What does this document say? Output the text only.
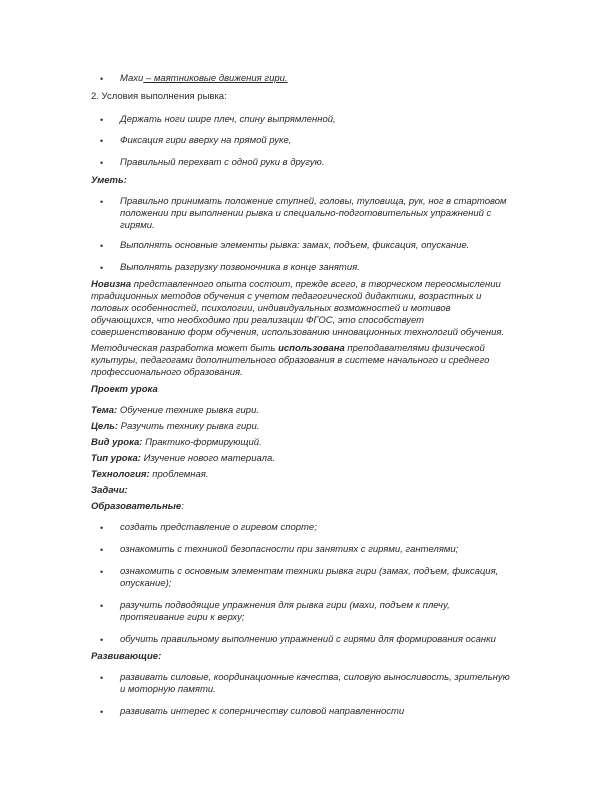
• Махи – маятниковые движения гири.
2. Условия выполнения рывка:
• Держать ноги шире плеч, спину выпрямленной,
• Фиксация гири вверху на прямой руке,
• Правильный перехват с одной руки в другую.
Уметь:
• Правильно принимать положение ступней, головы, туловища, рук, ног в стартовом
положении при выполнении рывка и специально-подготовительных упражнений с
гирями.
• Выполнять основные элементы рывка: замах, подъем, фиксация, опускание.
• Выполнять разгрузку позвоночника в конце занятия.
Новизна представленного опыта состоит, прежде всего, в творческом переосмыслении
традиционных методов обучения с учетом педагогической дидактики, возрастных и
половых особенностей, психологии, индивидуальных возможностей и мотивов
обучающихся, что необходимо при реализации ФГОС, это способствует
совершенствованию форм обучения, использованию инновационных технологий обучения.
Методическая разработка может быть использована преподавателями физической
культуры, педагогами дополнительного образования в системе начального и среднего
профессионального образования.
Проект урока
Тема: Обучение технике рывка гири.
Цель: Разучить технику рывка гири.
Вид урока: Практико-формирующий.
Тип урока: Изучение нового материала.
Технология: проблемная.
Задачи:
Образовательные:
• создать представление о гиревом спорте;
• ознакомить с техникой безопасности при занятиях с гирями, гантелями;
• ознакомить с основным элементам техники рывка гири (замах, подъем, фиксация,
опускание);
• разучить подводящие упражнения для рывка гири (махи, подъем к плечу,
протягивание гири к верху;
• обучить правильному выполнению упражнений с гирями для формирования осанки
Развивающие:
• развивать силовые, координационные качества, силовую выносливость, зрительную
и моторную памяти.
• развивать интерес к соперничеству силовой направленности
